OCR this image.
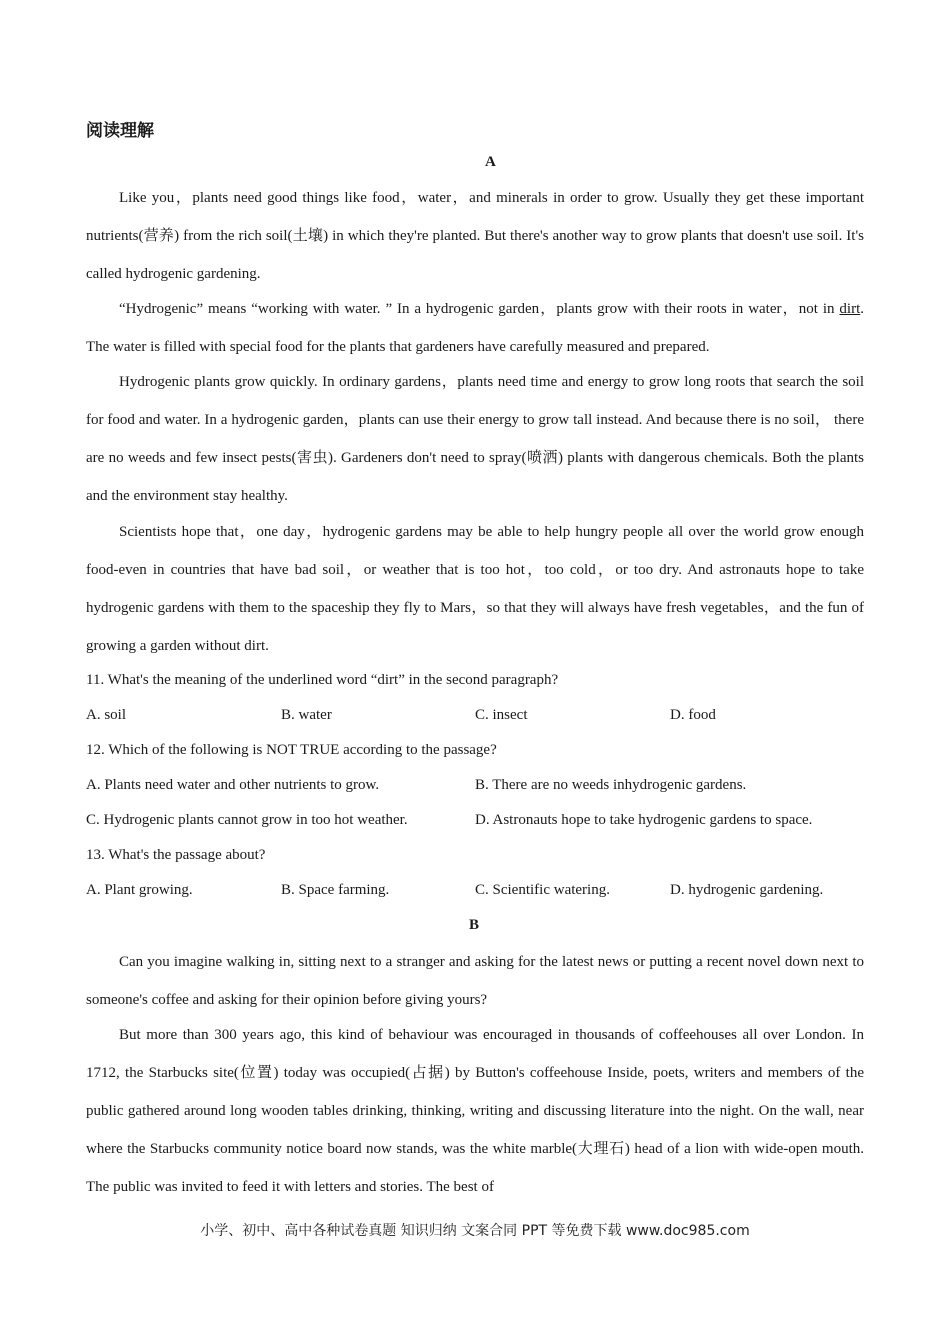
阅读理解
A

Like you，plants need good things like food，water，and minerals in order to grow. Usually they get these important nutrients(营养) from the rich soil(土壤) in which they're planted. But there's another way to grow plants that doesn't use soil. It's called hydrogenic gardening.

“Hydrogenic” means “working with water. ” In a hydrogenic garden，plants grow with their roots in water，not in dirt. The water is filled with special food for the plants that gardeners have carefully measured and prepared.

Hydrogenic plants grow quickly. In ordinary gardens，plants need time and energy to grow long roots that search the soil for food and water. In a hydrogenic garden，plants can use their energy to grow tall instead. And because there is no soil， there are no weeds and few insect pests(害虫). Gardeners don't need to spray(喷洒) plants with dangerous chemicals. Both the plants and the environment stay healthy.

Scientists hope that，one day，hydrogenic gardens may be able to help hungry people all over the world grow enough food-even in countries that have bad soil，or weather that is too hot，too cold，or too dry. And astronauts hope to take hydrogenic gardens with them to the spaceship they fly to Mars，so that they will always have fresh vegetables，and the fun of growing a garden without dirt.

11. What's the meaning of the underlined word “dirt” in the second paragraph?
A. soil	B. water	C. insect	D. food
12. Which of the following is NOT TRUE according to the passage?
A. Plants need water and other nutrients to grow.	B. There are no weeds inhydrogenic gardens.
C. Hydrogenic plants cannot grow in too hot weather.	D. Astronauts hope to take hydrogenic gardens to space.
13. What's the passage about?
A. Plant growing.	B. Space farming.	C. Scientific watering.	D. hydrogenic gardening.
B

Can you imagine walking in, sitting next to a stranger and asking for the latest news or putting a recent novel down next to someone's coffee and asking for their opinion before giving yours?

But more than 300 years ago, this kind of behaviour was encouraged in thousands of coffeehouses all over London. In 1712, the Starbucks site(位置) today was occupied(占据) by Button's coffeehouse Inside, poets, writers and members of the public gathered around long wooden tables drinking, thinking, writing and discussing literature into the night. On the wall, near where the Starbucks community notice board now stands, was the white marble(大理石) head of a lion with wide-open mouth. The public was invited to feed it with letters and stories. The best of

小学、初中、高中各种试卷真题 知识归纳 文案合同 PPT 等免费下载 www.doc985.com
